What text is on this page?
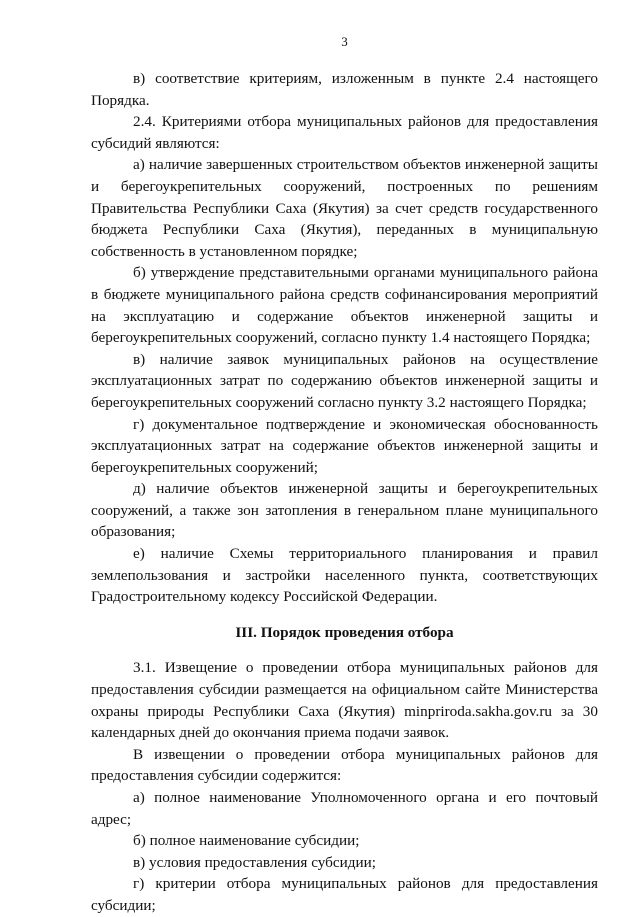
3

в) соответствие критериям, изложенным в пункте 2.4 настоящего Порядка.

2.4. Критериями отбора муниципальных районов для предоставления субсидий являются:

а) наличие завершенных строительством объектов инженерной защиты и берегоукрепительных сооружений, построенных по решениям Правительства Республики Саха (Якутия) за счет средств государственного бюджета Республики Саха (Якутия), переданных в муниципальную собственность в установленном порядке;

б) утверждение представительными органами муниципального района в бюджете муниципального района средств софинансирования мероприятий на эксплуатацию и содержание объектов инженерной защиты и берегоукрепительных сооружений, согласно пункту 1.4 настоящего Порядка;

в) наличие заявок муниципальных районов на осуществление эксплуатационных затрат по содержанию объектов инженерной защиты и берегоукрепительных сооружений согласно пункту 3.2 настоящего Порядка;

г) документальное подтверждение и экономическая обоснованность эксплуатационных затрат на содержание объектов инженерной защиты и берегоукрепительных сооружений;

д) наличие объектов инженерной защиты и берегоукрепительных сооружений, а также зон затопления в генеральном плане муниципального образования;

е) наличие Схемы территориального планирования и правил землепользования и застройки населенного пункта, соответствующих Градостроительному кодексу Российской Федерации.

III. Порядок проведения отбора

3.1. Извещение о проведении отбора муниципальных районов для предоставления субсидии размещается на официальном сайте Министерства охраны природы Республики Саха (Якутия) minpriroda.sakha.gov.ru за 30 календарных дней до окончания приема подачи заявок.

В извещении о проведении отбора муниципальных районов для предоставления субсидии содержится:

а) полное наименование Уполномоченного органа и его почтовый адрес;

б) полное наименование субсидии;

в) условия предоставления субсидии;

г) критерии отбора муниципальных районов для предоставления субсидии;
